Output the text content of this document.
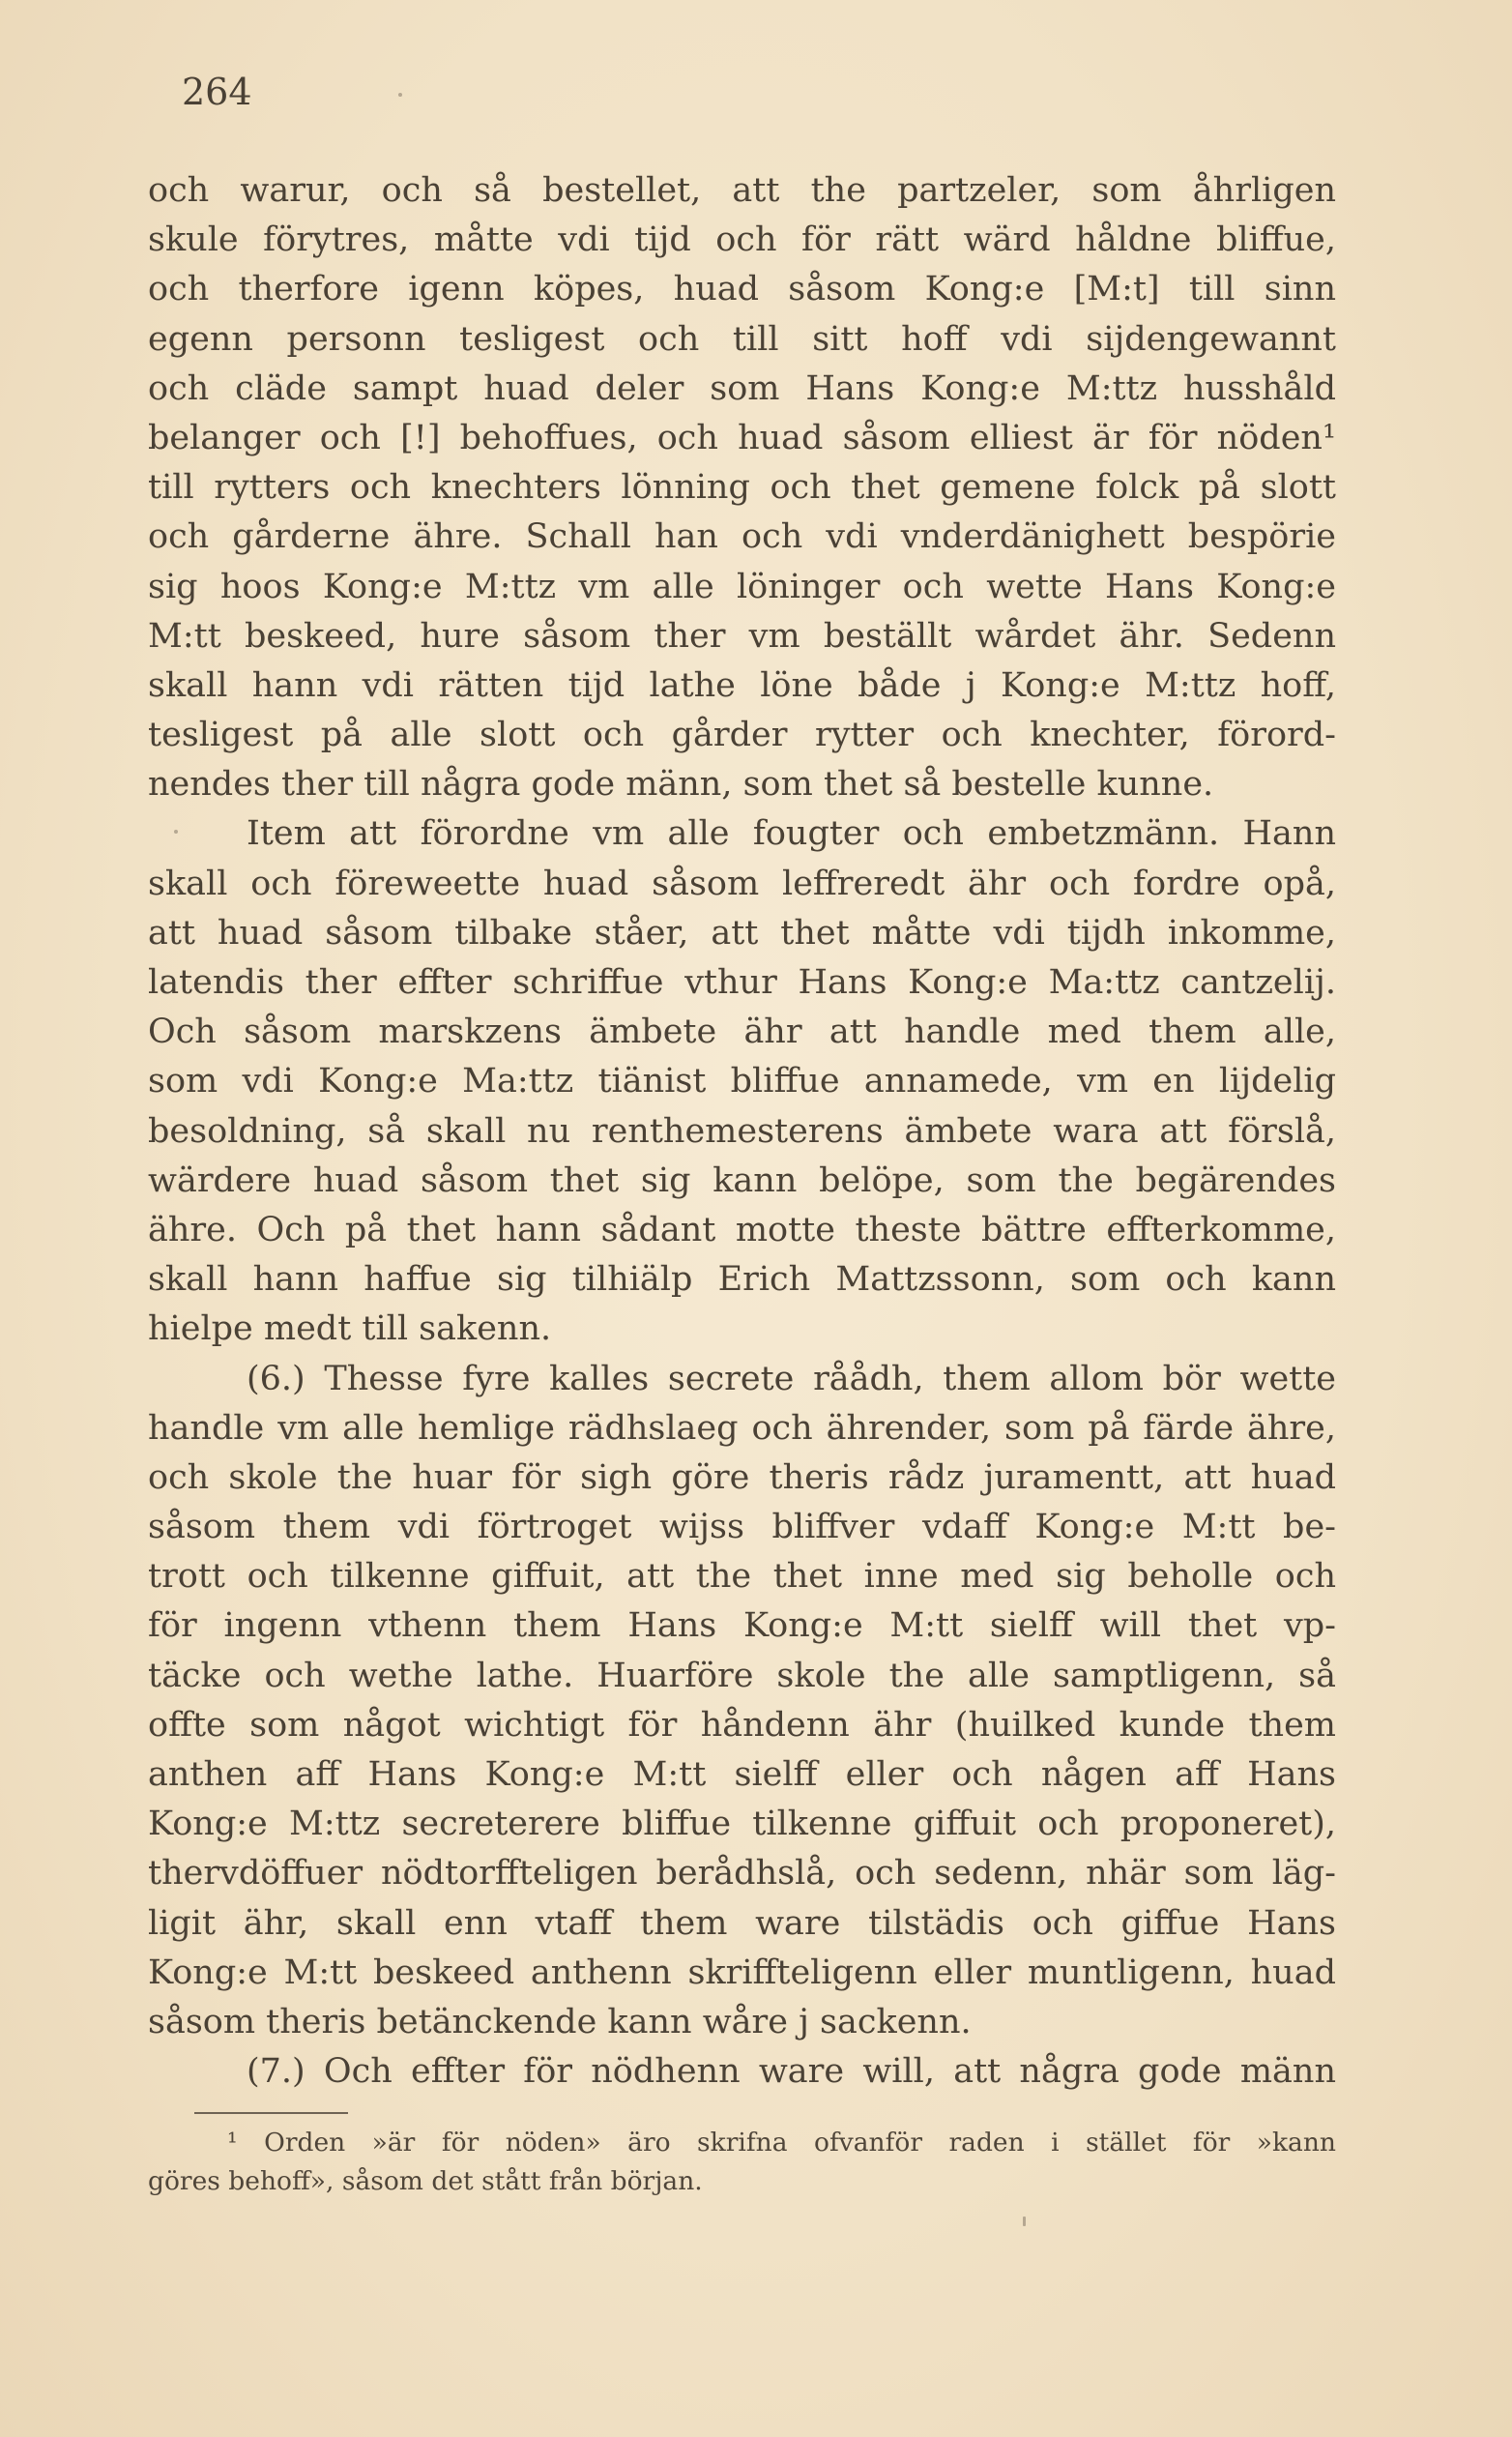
264
och warur, och så bestellet, att the partzeler, som åhrligen
skule förytres, måtte vdi tijd och för rätt wärd håldne bliffue,
och therfore igenn köpes, huad såsom Kong:e [M:t] till sinn
egenn personn tesligest och till sitt hoff vdi sijdengewannt
och cläde sampt huad deler som Hans Kong:e M:ttz husshåld
belanger och [!] behoffues, och huad såsom elliest är för nöden¹
till rytters och knechters lönning och thet gemene folck på slott
och gårderne ähre. Schall han och vdi vnderdänighett bespörie
sig hoos Kong:e M:ttz vm alle löninger och wette Hans Kong:e
M:tt beskeed, hure såsom ther vm beställt wårdet ähr. Sedenn
skall hann vdi rätten tijd lathe löne både j Kong:e M:ttz hoff,
tesligest på alle slott och gårder rytter och knechter, förord-
nendes ther till några gode männ, som thet så bestelle kunne.
Item att förordne vm alle fougter och embetzmänn. Hann
skall och föreweette huad såsom leffreredt ähr och fordre opå,
att huad såsom tilbake ståer, att thet måtte vdi tijdh inkomme,
latendis ther effter schriffue vthur Hans Kong:e Ma:ttz cantzelij.
Och såsom marskzens ämbete ähr att handle med them alle,
som vdi Kong:e Ma:ttz tiänist bliffue annamede, vm en lijdelig
besoldning, så skall nu renthemesterens ämbete wara att förslå,
wärdere huad såsom thet sig kann belöpe, som the begärendes
ähre. Och på thet hann sådant motte theste bättre effterkomme,
skall hann haffue sig tilhiälp Erich Mattzssonn, som och kann
hielpe medt till sakenn.
(6.) Thesse fyre kalles secrete råådh, them allom bör wette
handle vm alle hemlige rädhslaeg och ährender, som på färde ähre,
och skole the huar för sigh göre theris rådz juramentt, att huad
såsom them vdi förtroget wijss bliffver vdaff Kong:e M:tt be-
trott och tilkenne giffuit, att the thet inne med sig beholle och
för ingenn vthenn them Hans Kong:e M:tt sielff will thet vp-
täcke och wethe lathe. Huarföre skole the alle samptligenn, så
offte som något wichtigt för håndenn ähr (huilked kunde them
anthen aff Hans Kong:e M:tt sielff eller och någen aff Hans
Kong:e M:ttz secreterere bliffue tilkenne giffuit och proponeret),
thervdöffuer nödtorffteligen berådhslå, och sedenn, nhär som läg-
ligit ähr, skall enn vtaff them ware tilstädis och giffue Hans
Kong:e M:tt beskeed anthenn skriffteligenn eller muntligenn, huad
såsom theris betänckende kann wåre j sackenn.
(7.) Och effter för nödhenn ware will, att några gode männ
¹ Orden »är för nöden» äro skrifna ofvanför raden i stället för »kann
göres behoff», såsom det stått från början.
